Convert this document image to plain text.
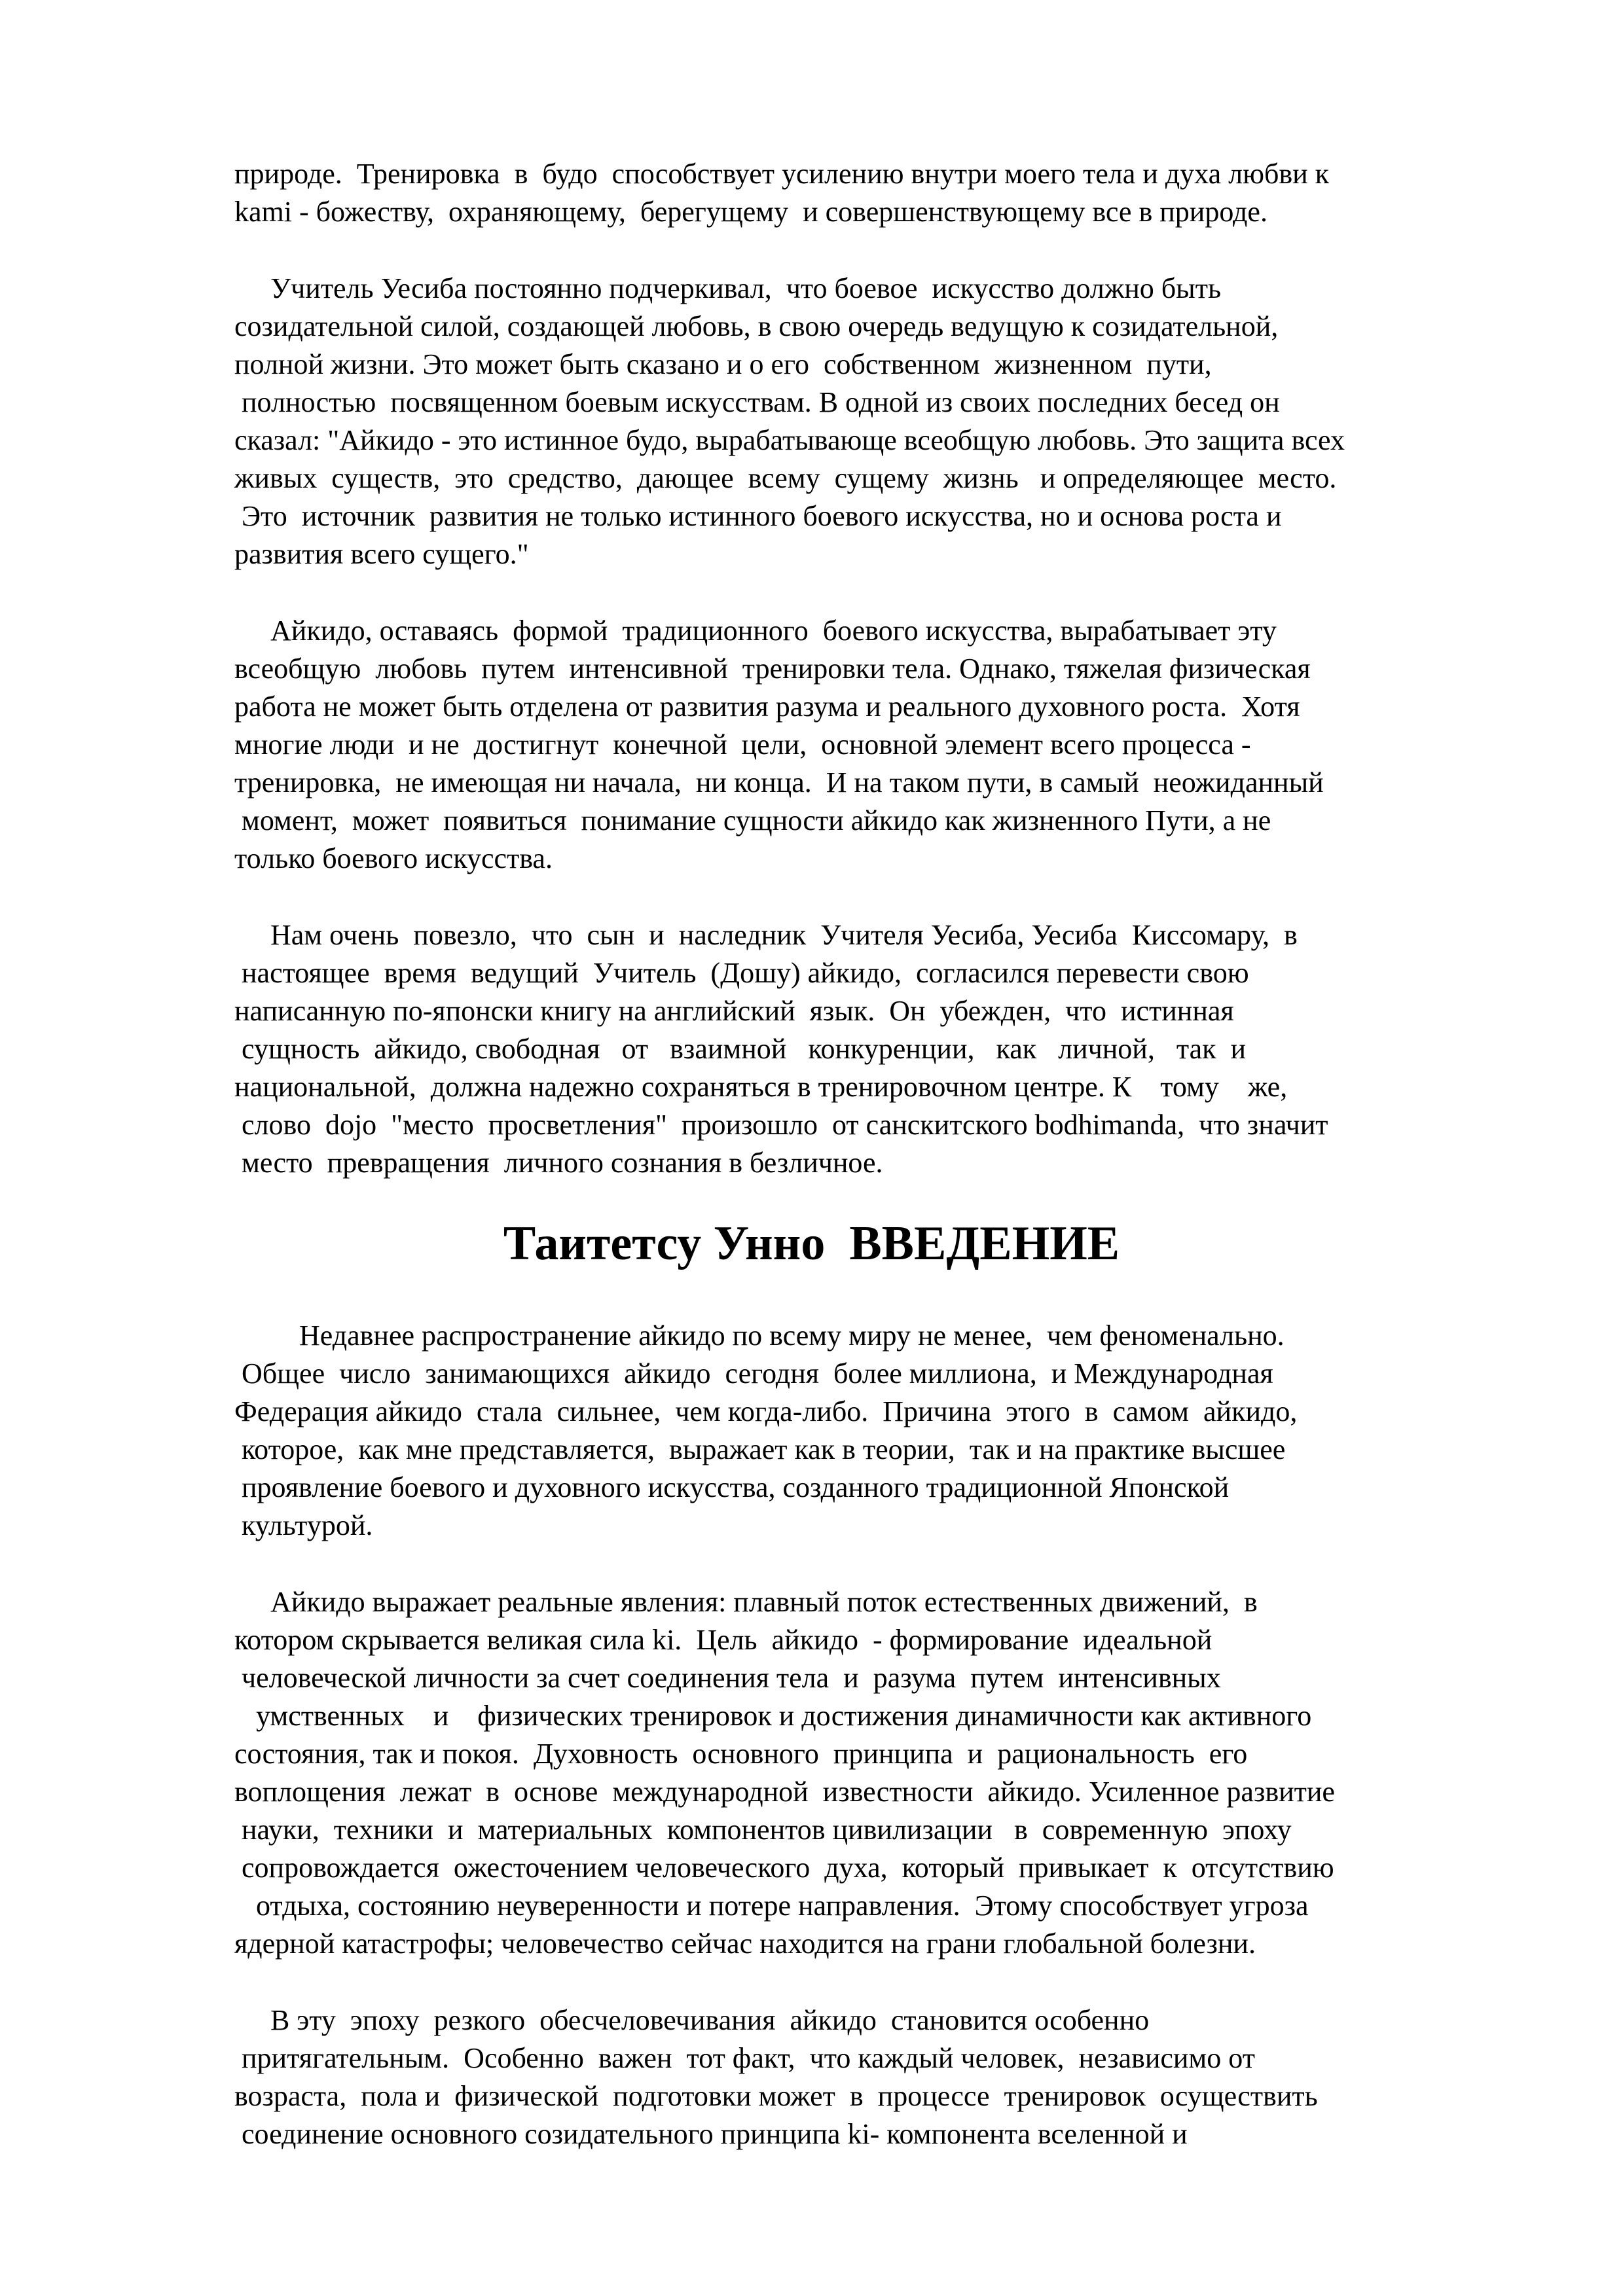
природе.  Тренировка  в  будо  способствует усилению внутри моего тела и духа любви к
kami - божеству,  охраняющему,  берегущему  и совершенствующему все в природе.
Учитель Уесиба постоянно подчеркивал,  что боевое  искусство должно быть
созидательной силой, создающей любовь, в свою очередь ведущую к созидательной,
полной жизни. Это может быть сказано и о его  собственном  жизненном  пути,
полностью  посвященном боевым искусствам. В одной из своих последних бесед он
сказал: "Айкидо - это истинное будо, вырабатывающе всеобщую любовь. Это защита всех
живых  существ,  это  средство,  дающее  всему  сущему  жизнь   и определяющее  место.
Это  источник  развития не только истинного боевого искусства, но и основа роста и
развития всего сущего."
Айкидо, оставаясь  формой  традиционного  боевого искусства, вырабатывает эту
всеобщую  любовь  путем  интенсивной  тренировки тела. Однако, тяжелая физическая
работа не может быть отделена от развития разума и реального духовного роста.  Хотя
многие люди  и не  достигнут  конечной  цели,  основной элемент всего процесса -
тренировка,  не имеющая ни начала,  ни конца.  И на таком пути, в самый  неожиданный
момент,  может  появиться  понимание сущности айкидо как жизненного Пути, а не
только боевого искусства.
Нам очень  повезло,  что  сын  и  наследник  Учителя Уесиба, Уесиба  Киссомару,  в
настоящее  время  ведущий  Учитель  (Дошу) айкидо,  согласился перевести свою
написанную по-японски книгу на английский  язык.  Он  убежден,  что  истинная
сущность  айкидо, свободная   от   взаимной   конкуренции,   как   личной,   так  и
национальной,  должна надежно сохраняться в тренировочном центре. К    тому    же,
слово  dojo  "место  просветления"  произошло  от санскитского bodhimanda,  что значит
место  превращения  личного сознания в безличное.
Таитетсу Унно  ВВЕДЕНИЕ
Недавнее распространение айкидо по всему миру не менее,  чем феноменально.
Общее  число  занимающихся  айкидо  сегодня  более миллиона,  и Международная
Федерация айкидо  стала  сильнее,  чем когда-либо.  Причина  этого  в  самом  айкидо,
которое,  как мне представляется,  выражает как в теории,  так и на практике высшее
проявление боевого и духовного искусства, созданного традиционной Японской
культурой.
Айкидо выражает реальные явления: плавный поток естественных движений,  в
котором скрывается великая сила ki.  Цель  айкидо  - формирование  идеальной
человеческой личности за счет соединения тела  и  разума  путем  интенсивных
умственных    и    физических тренировок и достижения динамичности как активного
состояния, так и покоя.  Духовность  основного  принципа  и  рациональность  его
воплощения  лежат  в  основе  международной  известности  айкидо. Усиленное развитие
науки,  техники  и  материальных  компонентов цивилизации   в  современную  эпоху
сопровождается  ожесточением человеческого  духа,  который  привыкает  к  отсутствию
отдыха, состоянию неуверенности и потере направления.  Этому способствует угроза
ядерной катастрофы; человечество сейчас находится на грани глобальной болезни.
В эту  эпоху  резкого  обесчеловечивания  айкидо  становится особенно
притягательным.  Особенно  важен  тот факт,  что каждый человек,  независимо от
возраста,  пола и  физической  подготовки может  в  процессе  тренировок  осуществить
соединение основного созидательного принципа ki- компонента вселенной и
